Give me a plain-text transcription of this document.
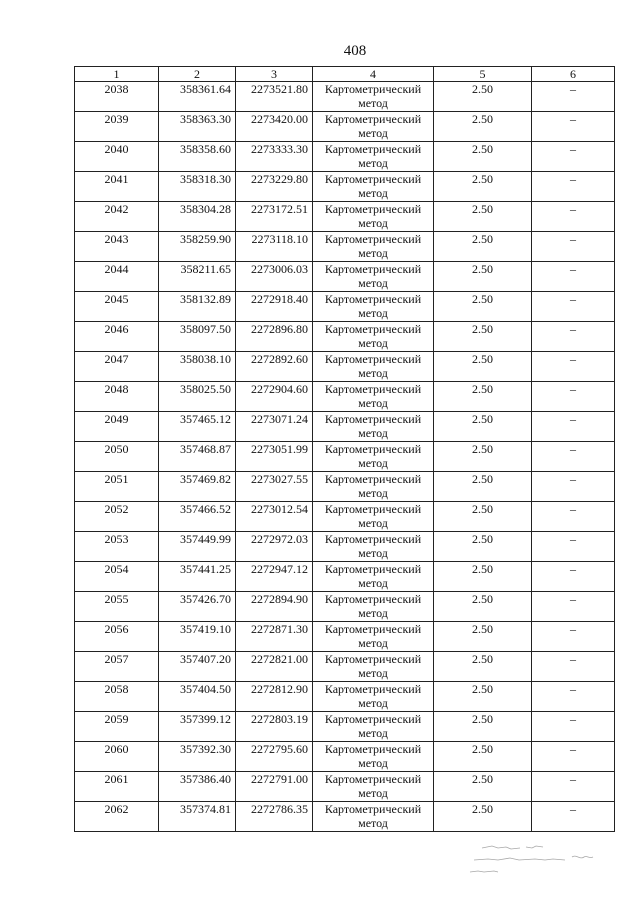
408
1	2	3	4	5	6
2038	358361.64	2273521.80	Картометрический метод	2.50	–
2039	358363.30	2273420.00	Картометрический метод	2.50	–
2040	358358.60	2273333.30	Картометрический метод	2.50	–
2041	358318.30	2273229.80	Картометрический метод	2.50	–
2042	358304.28	2273172.51	Картометрический метод	2.50	–
2043	358259.90	2273118.10	Картометрический метод	2.50	–
2044	358211.65	2273006.03	Картометрический метод	2.50	–
2045	358132.89	2272918.40	Картометрический метод	2.50	–
2046	358097.50	2272896.80	Картометрический метод	2.50	–
2047	358038.10	2272892.60	Картометрический метод	2.50	–
2048	358025.50	2272904.60	Картометрический метод	2.50	–
2049	357465.12	2273071.24	Картометрический метод	2.50	–
2050	357468.87	2273051.99	Картометрический метод	2.50	–
2051	357469.82	2273027.55	Картометрический метод	2.50	–
2052	357466.52	2273012.54	Картометрический метод	2.50	–
2053	357449.99	2272972.03	Картометрический метод	2.50	–
2054	357441.25	2272947.12	Картометрический метод	2.50	–
2055	357426.70	2272894.90	Картометрический метод	2.50	–
2056	357419.10	2272871.30	Картометрический метод	2.50	–
2057	357407.20	2272821.00	Картометрический метод	2.50	–
2058	357404.50	2272812.90	Картометрический метод	2.50	–
2059	357399.12	2272803.19	Картометрический метод	2.50	–
2060	357392.30	2272795.60	Картометрический метод	2.50	–
2061	357386.40	2272791.00	Картометрический метод	2.50	–
2062	357374.81	2272786.35	Картометрический метод	2.50	–
